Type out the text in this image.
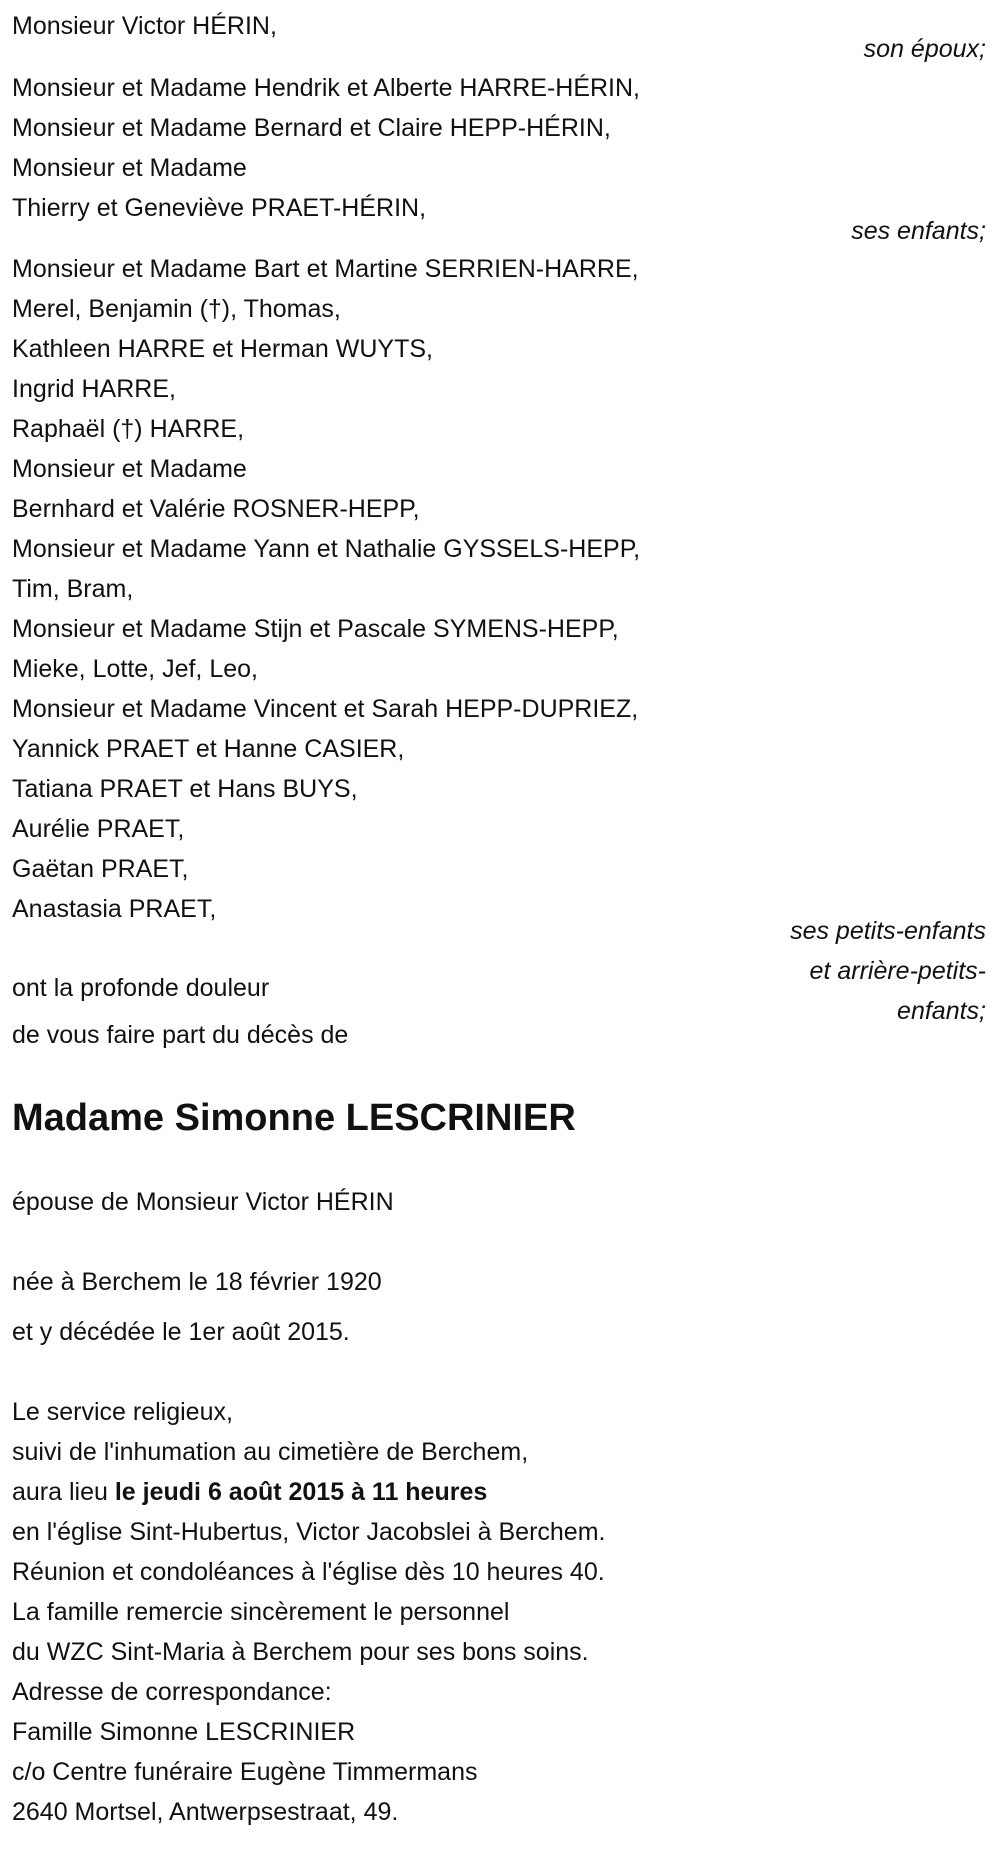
Monsieur Victor HÉRIN,
son époux;
Monsieur et Madame Hendrik et Alberte HARRE-HÉRIN,
Monsieur et Madame Bernard et Claire HEPP-HÉRIN,
Monsieur et Madame
Thierry et Geneviève PRAET-HÉRIN,
ses enfants;
Monsieur et Madame Bart et Martine SERRIEN-HARRE,
Merel, Benjamin (†), Thomas,
Kathleen HARRE et Herman WUYTS,
Ingrid HARRE,
Raphaël (†) HARRE,
Monsieur et Madame
Bernhard et Valérie ROSNER-HEPP,
Monsieur et Madame Yann et Nathalie GYSSELS-HEPP,
Tim, Bram,
Monsieur et Madame Stijn et Pascale SYMENS-HEPP,
Mieke, Lotte, Jef, Leo,
Monsieur et Madame Vincent et Sarah HEPP-DUPRIEZ,
Yannick PRAET et Hanne CASIER,
Tatiana PRAET et Hans BUYS,
Aurélie PRAET,
Gaëtan PRAET,
Anastasia PRAET,
ses petits-enfants
et arrière-petits-
enfants;
ont la profonde douleur
de vous faire part du décès de
Madame Simonne LESCRINIER
épouse de Monsieur Victor HÉRIN
née à Berchem le 18 février 1920
et y décédée le 1er août 2015.
Le service religieux,
suivi de l'inhumation au cimetière de Berchem,
aura lieu le jeudi 6 août 2015 à 11 heures
en l'église Sint-Hubertus, Victor Jacobslei à Berchem.
Réunion et condoléances à l'église dès 10 heures 40.
La famille remercie sincèrement le personnel
du WZC Sint-Maria à Berchem pour ses bons soins.
Adresse de correspondance:
Famille Simonne LESCRINIER
c/o Centre funéraire Eugène Timmermans
2640 Mortsel, Antwerpsestraat, 49.
